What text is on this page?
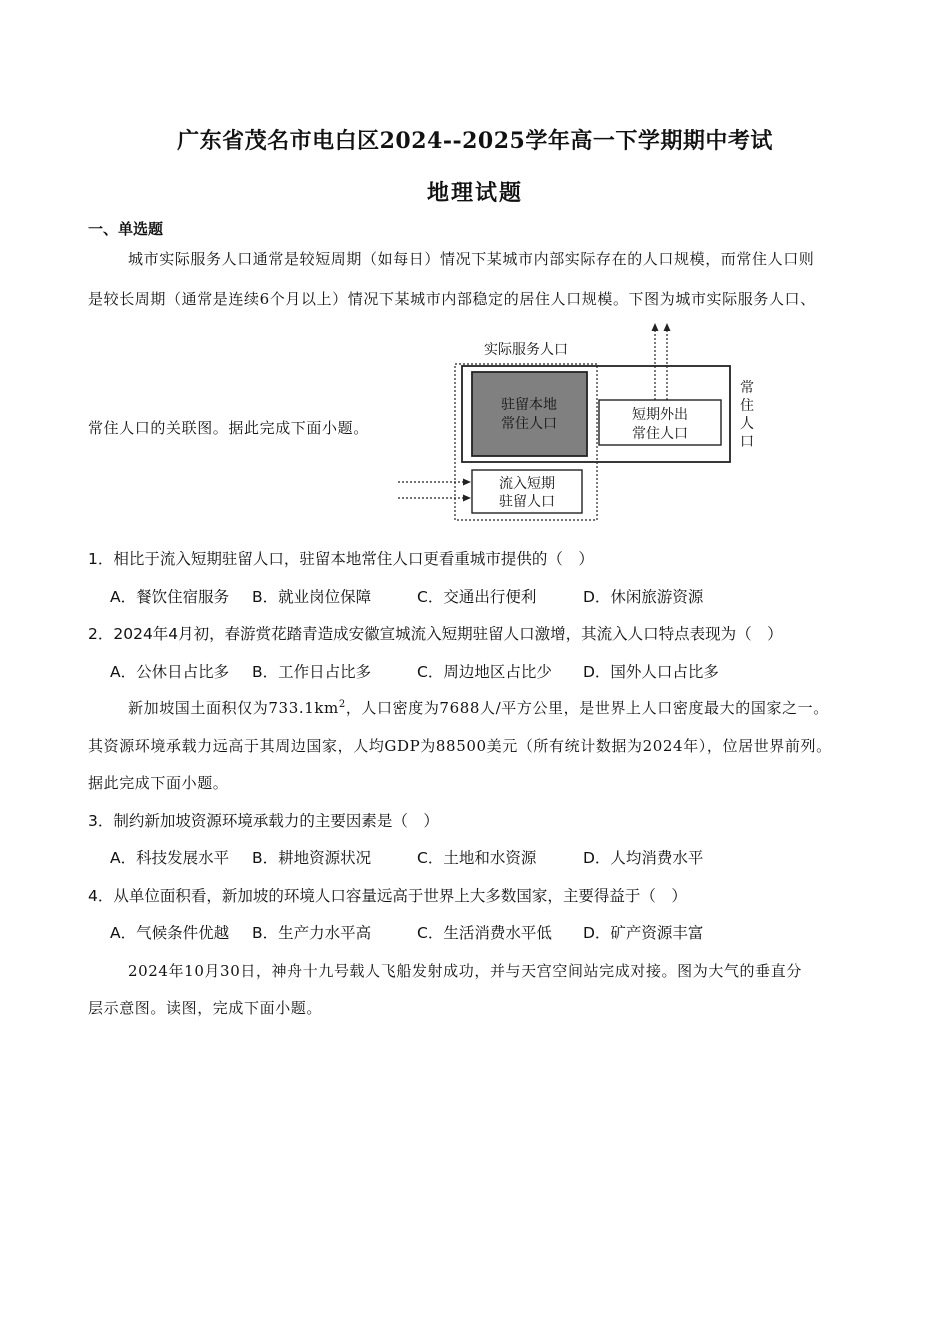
广东省茂名市电白区2024--2025学年高一下学期期中考试
地理试题
一、单选题
城市实际服务人口通常是较短周期（如每日）情况下某城市内部实际存在的人口规模，而常住人口则
是较长周期（通常是连续6个月以上）情况下某城市内部稳定的居住人口规模。下图为城市实际服务人口、
常住人口的关联图。据此完成下面小题。
实际服务人口
驻留本地
常住人口
短期外出
常住人口
常
住
人
口
流入短期
驻留人口
1．相比于流入短期驻留人口，驻留本地常住人口更看重城市提供的（　）
A．餐饮住宿服务 B．就业岗位保障	C．交通出行便利	D．休闲旅游资源
2．2024年4月初，春游赏花踏青造成安徽宣城流入短期驻留人口激增，其流入人口特点表现为（　）
A．公休日占比多 B．工作日占比多	C．周边地区占比少 D．国外人口占比多
新加坡国土面积仅为$733.1km^2$，人口密度为7688人/平方公里，是世界上人口密度最大的国家之一。
其资源环境承载力远高于其周边国家，人均GDP为88500美元（所有统计数据为2024年），位居世界前列。
据此完成下面小题。
3．制约新加坡资源环境承载力的主要因素是（　）
A．科技发展水平 B．耕地资源状况	C．土地和水资源	D．人均消费水平
4．从单位面积看，新加坡的环境人口容量远高于世界上大多数国家，主要得益于（　）
A．气候条件优越 B．生产力水平高	C．生活消费水平低 D．矿产资源丰富
2024年10月30日，神舟十九号载人飞船发射成功，并与天宫空间站完成对接。图为大气的垂直分
层示意图。读图，完成下面小题。
